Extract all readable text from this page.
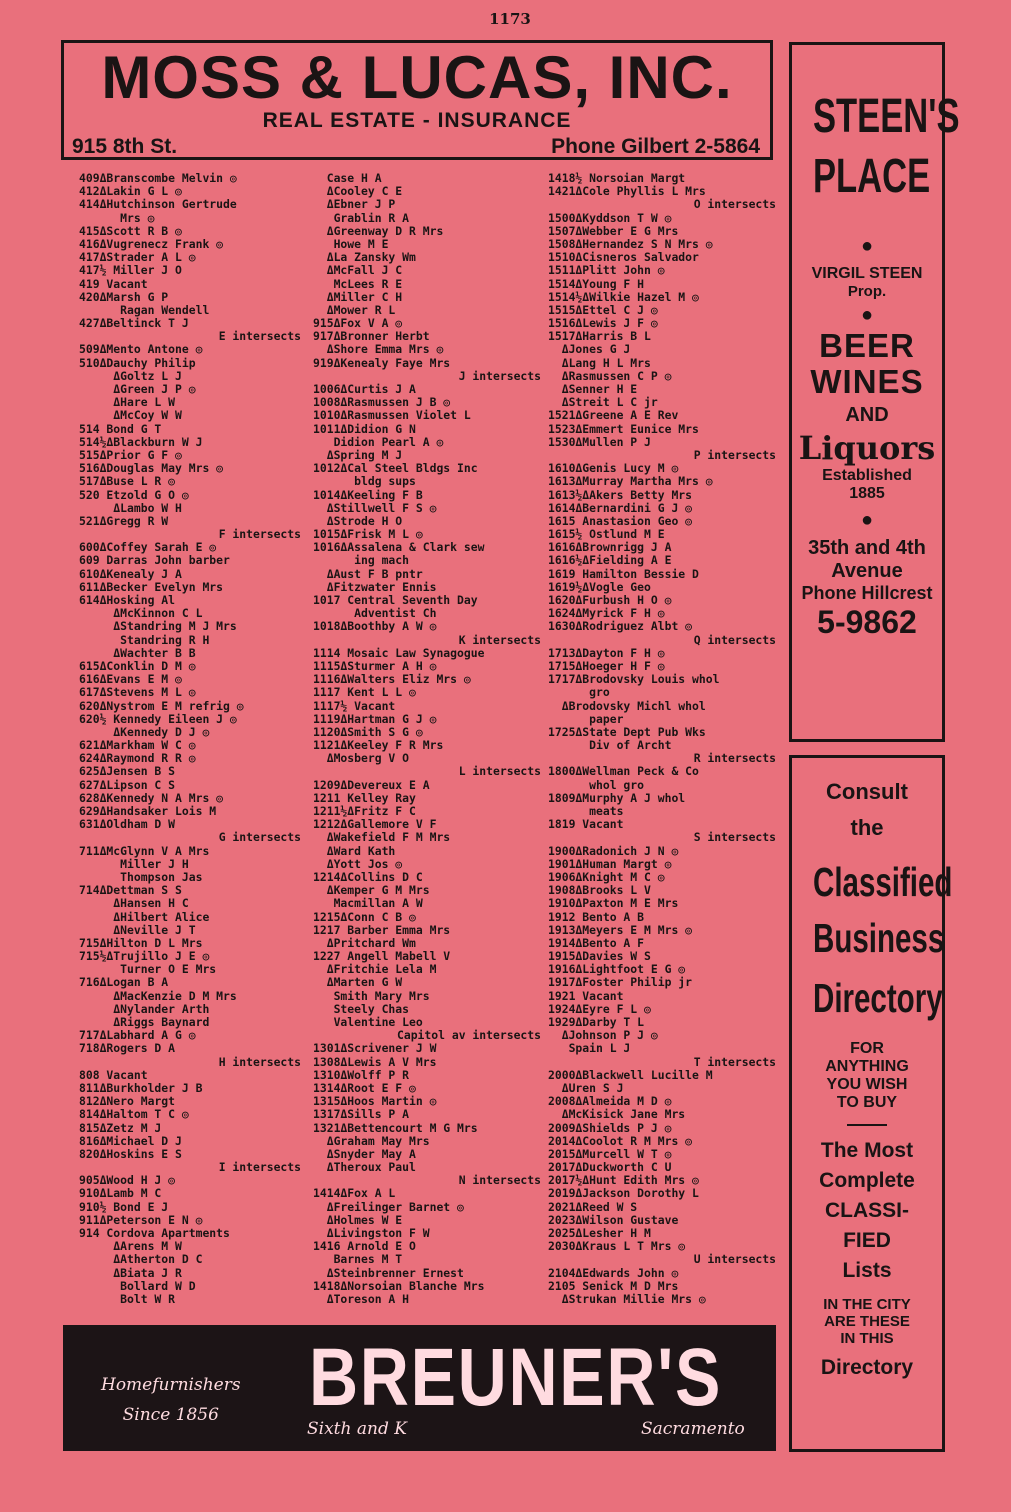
1173
MOSS & LUCAS, INC.
REAL ESTATE - INSURANCE
915 8th St.	Phone Gilbert 2-5864
409ΔBranscombe Melvin ◎
412ΔLakin G L ◎
414ΔHutchinson Gertrude
Mrs ◎
415ΔScott R B ◎
416ΔVugrenecz Frank ◎
417ΔStrader A L ◎
417½ Miller J O
419 Vacant
420ΔMarsh G P
Ragan Wendell
427ΔBeltinck T J
E intersects
509ΔMento Antone ◎
510ΔDauchy Philip
ΔGoltz L J
ΔGreen J P ◎
ΔHare L W
ΔMcCoy W W
514 Bond G T
514½ΔBlackburn W J
515ΔPrior G F ◎
516ΔDouglas May Mrs ◎
517ΔBuse L R ◎
520 Etzold G O ◎
ΔLambo W H
521ΔGregg R W
F intersects
600ΔCoffey Sarah E ◎
609 Darras John barber
610ΔKenealy J A
611ΔBecker Evelyn Mrs
614ΔHosking Al
ΔMcKinnon C L
ΔStandring M J Mrs
Standring R H
ΔWachter B B
615ΔConklin D M ◎
616ΔEvans E M ◎
617ΔStevens M L ◎
620ΔNystrom E M refrig ◎
620½ Kennedy Eileen J ◎
ΔKennedy D J ◎
621ΔMarkham W C ◎
624ΔRaymond R R ◎
625ΔJensen B S
627ΔLipson C S
628ΔKennedy N A Mrs ◎
629ΔHandsaker Lois M
631ΔOldham D W
G intersects
711ΔMcGlynn V A Mrs
Miller J H
Thompson Jas
714ΔDettman S S
ΔHansen H C
ΔHilbert Alice
ΔNeville J T
715ΔHilton D L Mrs
715½ΔTrujillo J E ◎
Turner O E Mrs
716ΔLogan B A
ΔMacKenzie D M Mrs
ΔNylander Arth
ΔRiggs Baynard
717ΔLabhard A G ◎
718ΔRogers D A
H intersects
808 Vacant
811ΔBurkholder J B
812ΔNero Margt
814ΔHaltom T C ◎
815ΔZetz M J
816ΔMichael D J
820ΔHoskins E S
I intersects
905ΔWood H J ◎
910ΔLamb M C
910½ Bond E J
911ΔPeterson E N ◎
914 Cordova Apartments
ΔArens M W
ΔAtherton D C
ΔBiata J R
Bollard W D
Bolt W R
Case H A
ΔCooley C E
ΔEbner J P
Grablin R A
ΔGreenway D R Mrs
Howe M E
ΔLa Zansky Wm
ΔMcFall J C
McLees R E
ΔMiller C H
ΔMower R L
915ΔFox V A ◎
917ΔBronner Herbt
ΔShore Emma Mrs ◎
919ΔKenealy Faye Mrs
J intersects
1006ΔCurtis J A
1008ΔRasmussen J B ◎
1010ΔRasmussen Violet L
1011ΔDidion G N
Didion Pearl A ◎
ΔSpring M J
1012ΔCal Steel Bldgs Inc
bldg sups
1014ΔKeeling F B
ΔStillwell F S ◎
ΔStrode H O
1015ΔFrisk M L ◎
1016ΔAssalena & Clark sew
ing mach
ΔAust F B pntr
ΔFitzwater Ennis
1017 Central Seventh Day
Adventist Ch
1018ΔBoothby A W ◎
K intersects
1114 Mosaic Law Synagogue
1115ΔSturmer A H ◎
1116ΔWalters Eliz Mrs ◎
1117 Kent L L ◎
1117½ Vacant
1119ΔHartman G J ◎
1120ΔSmith S G ◎
1121ΔKeeley F R Mrs
ΔMosberg V O
L intersects
1209ΔDevereux E A
1211 Kelley Ray
1211½ΔFritz F C
1212ΔGallemore V F
ΔWakefield F M Mrs
ΔWard Kath
ΔYott Jos ◎
1214ΔCollins D C
ΔKemper G M Mrs
Macmillan A W
1215ΔConn C B ◎
1217 Barber Emma Mrs
ΔPritchard Wm
1227 Angell Mabell V
ΔFritchie Lela M
ΔMarten G W
Smith Mary Mrs
Steely Chas
Valentine Leo
Capitol av intersects
1301ΔScrivener J W
1308ΔLewis A V Mrs
1310ΔWolff P R
1314ΔRoot E F ◎
1315ΔHoos Martin ◎
1317ΔSills P A
1321ΔBettencourt M G Mrs
ΔGraham May Mrs
ΔSnyder May A
ΔTheroux Paul
N intersects
1414ΔFox A L
ΔFreilinger Barnet ◎
ΔHolmes W E
ΔLivingston F W
1416 Arnold E O
Barnes M T
ΔSteinbrenner Ernest
1418ΔNorsoian Blanche Mrs
ΔToreson A H
1418½ Norsoian Margt
1421ΔCole Phyllis L Mrs
O intersects
1500ΔKyddson T W ◎
1507ΔWebber E G Mrs
1508ΔHernandez S N Mrs ◎
1510ΔCisneros Salvador
1511ΔPlitt John ◎
1514ΔYoung F H
1514½ΔWilkie Hazel M ◎
1515ΔEttel C J ◎
1516ΔLewis J F ◎
1517ΔHarris B L
ΔJones G J
ΔLang H L Mrs
ΔRasmussen C P ◎
ΔSenner H E
ΔStreit L C jr
1521ΔGreene A E Rev
1523ΔEmmert Eunice Mrs
1530ΔMullen P J
P intersects
1610ΔGenis Lucy M ◎
1613ΔMurray Martha Mrs ◎
1613½ΔAkers Betty Mrs
1614ΔBernardini G J ◎
1615 Anastasion Geo ◎
1615½ Ostlund M E
1616ΔBrownrigg J A
1616½ΔFielding A E
1619 Hamilton Bessie D
1619½ΔVogle Geo
1620ΔFurbush H O ◎
1624ΔMyrick F H ◎
1630ΔRodriguez Albt ◎
Q intersects
1713ΔDayton F H ◎
1715ΔHoeger H F ◎
1717ΔBrodovsky Louis whol
gro
ΔBrodovsky Michl whol
paper
1725ΔState Dept Pub Wks
Div of Archt
R intersects
1800ΔWellman Peck & Co
whol gro
1809ΔMurphy A J whol
meats
1819 Vacant
S intersects
1900ΔRadonich J N ◎
1901ΔHuman Margt ◎
1906ΔKnight M C ◎
1908ΔBrooks L V
1910ΔPaxton M E Mrs
1912 Bento A B
1913ΔMeyers E M Mrs ◎
1914ΔBento A F
1915ΔDavies W S
1916ΔLightfoot E G ◎
1917ΔFoster Philip jr
1921 Vacant
1924ΔEyre F L ◎
1929ΔDarby T L
ΔJohnson P J ◎
Spain L J
T intersects
2000ΔBlackwell Lucille M
ΔUren S J
2008ΔAlmeida M D ◎
ΔMcKisick Jane Mrs
2009ΔShields P J ◎
2014ΔCoolot R M Mrs ◎
2015ΔMurcell W T ◎
2017ΔDuckworth C U
2017½ΔHunt Edith Mrs ◎
2019ΔJackson Dorothy L
2021ΔReed W S
2023ΔWilson Gustave
2025ΔLesher H M
2030ΔKraus L T Mrs ◎
U intersects
2104ΔEdwards John ◎
2105 Senick M D Mrs
ΔStrukan Millie Mrs ◎
STEEN'S
PLACE
●
VIRGIL STEEN
Prop.
●
BEER
WINES
AND
Liquors
Established
1885
●
35th and 4th
Avenue
Phone Hillcrest
5-9862
Consult
the
Classified
Business
Directory
FOR
ANYTHING
YOU WISH
TO BUY
The Most
Complete
CLASSI-
FIED
Lists
IN THE CITY
ARE THESE
IN THIS
Directory
Homefurnishers
Since 1856 BREUNER'S
Sixth and K	Sacramento
